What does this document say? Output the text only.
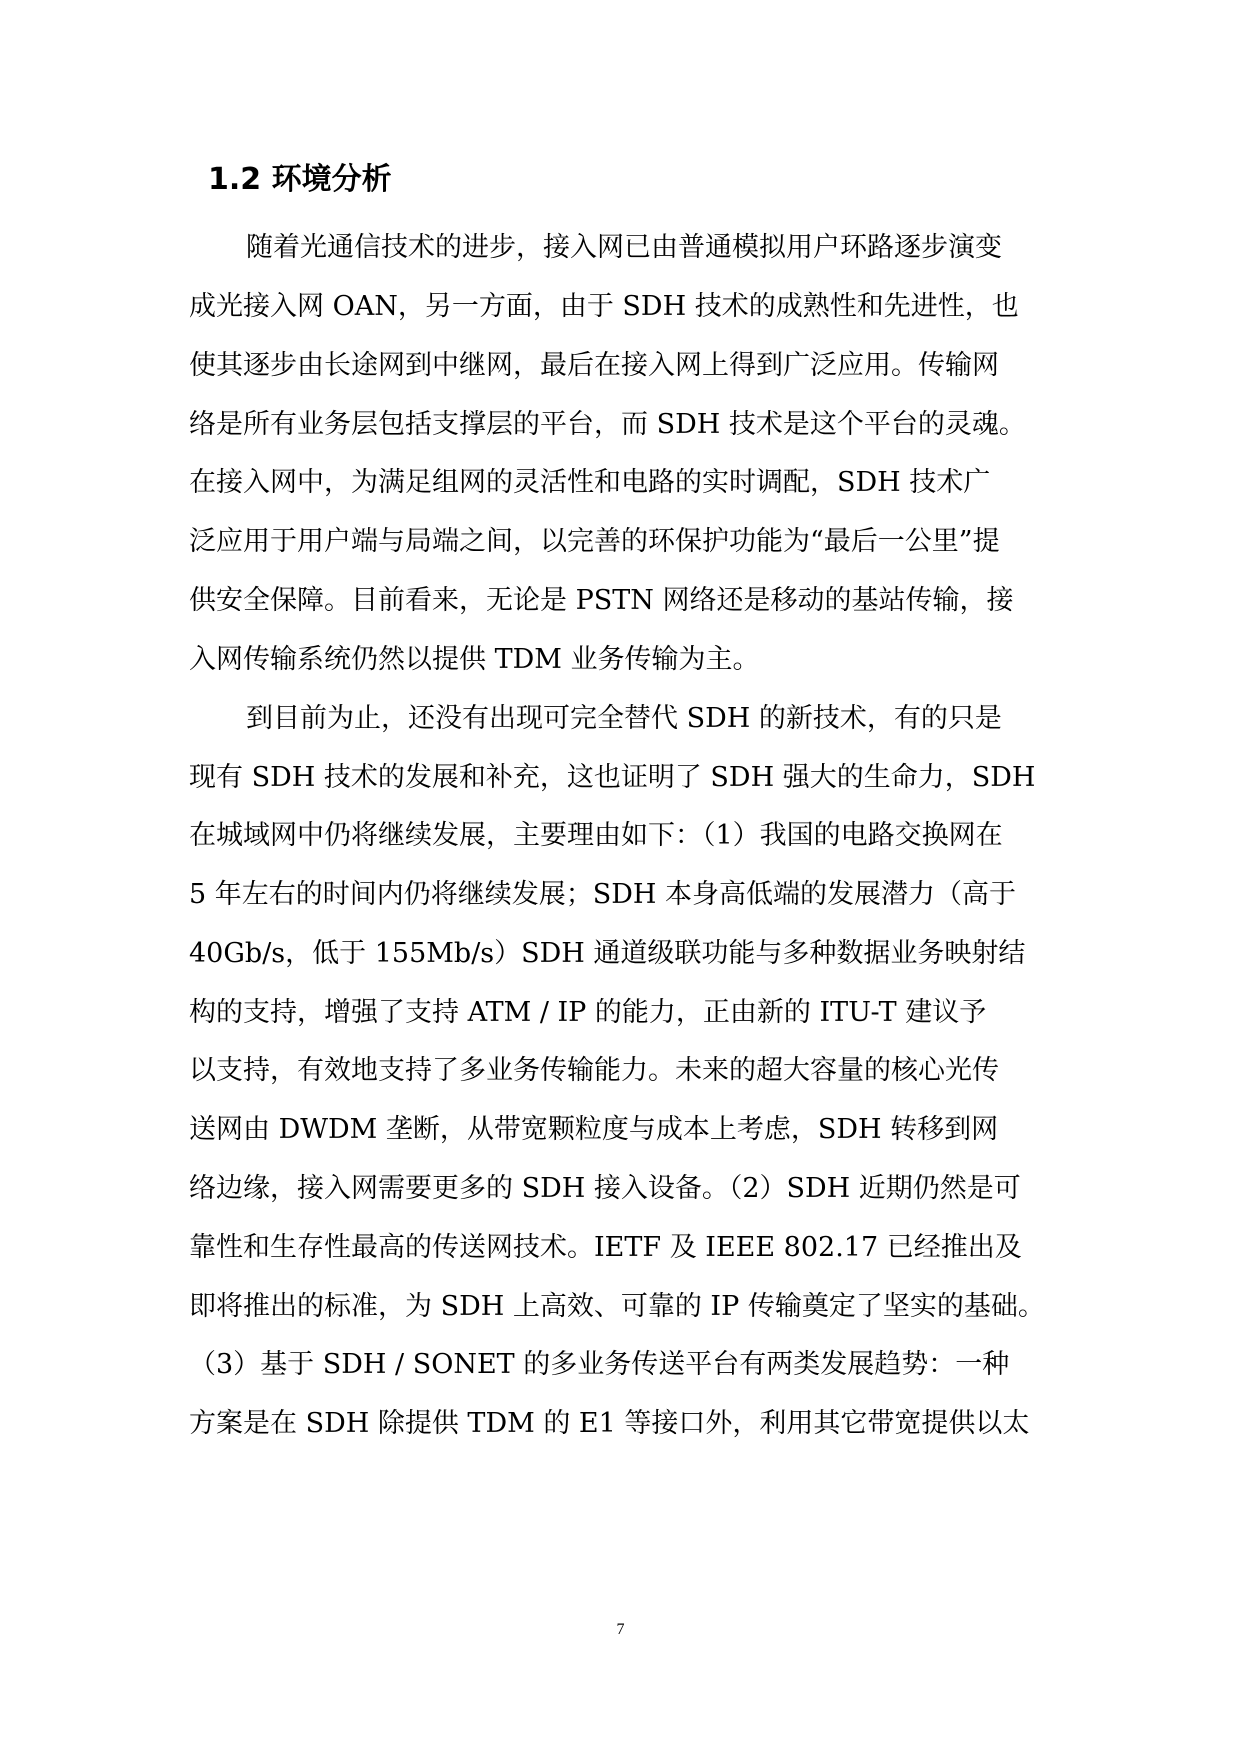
1.2 环境分析
随着光通信技术的进步，接入网已由普通模拟用户环路逐步演变
成光接入网 OAN，另一方面，由于 SDH 技术的成熟性和先进性，也
使其逐步由长途网到中继网，最后在接入网上得到广泛应用。传输网
络是所有业务层包括支撑层的平台，而 SDH 技术是这个平台的灵魂。
在接入网中，为满足组网的灵活性和电路的实时调配，SDH 技术广
泛应用于用户端与局端之间，以完善的环保护功能为“最后一公里”提
供安全保障。目前看来，无论是 PSTN 网络还是移动的基站传输，接
入网传输系统仍然以提供 TDM 业务传输为主。
到目前为止，还没有出现可完全替代 SDH 的新技术，有的只是
现有 SDH 技术的发展和补充，这也证明了 SDH 强大的生命力，SDH
在城域网中仍将继续发展，主要理由如下：（1）我国的电路交换网在
5 年左右的时间内仍将继续发展；SDH 本身高低端的发展潜力（高于
40Gb/s，低于 155Mb/s）SDH 通道级联功能与多种数据业务映射结
构的支持，增强了支持 ATM / IP 的能力，正由新的 ITU-T 建议予
以支持，有效地支持了多业务传输能力。未来的超大容量的核心光传
送网由 DWDM 垄断，从带宽颗粒度与成本上考虑，SDH 转移到网
络边缘，接入网需要更多的 SDH 接入设备。（2）SDH 近期仍然是可
靠性和生存性最高的传送网技术。IETF 及 IEEE 802.17 已经推出及
即将推出的标准，为 SDH 上高效、可靠的 IP 传输奠定了坚实的基础。
（3）基于 SDH / SONET 的多业务传送平台有两类发展趋势：一种
方案是在 SDH 除提供 TDM 的 E1 等接口外，利用其它带宽提供以太
7
